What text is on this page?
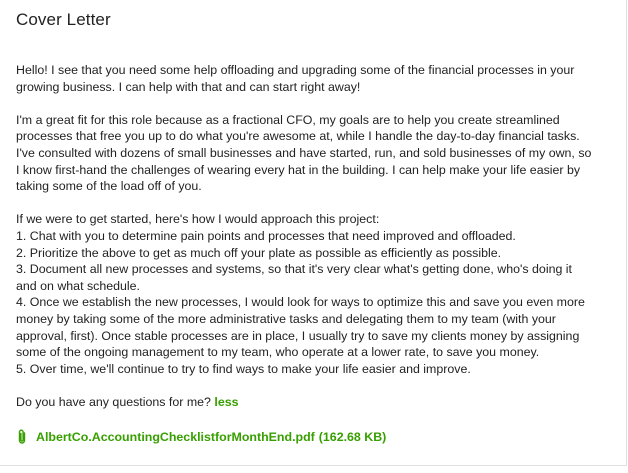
Cover Letter

Hello! I see that you need some help offloading and upgrading some of the financial processes in your
growing business. I can help with that and can start right away!

I'm a great fit for this role because as a fractional CFO, my goals are to help you create streamlined
processes that free you up to do what you're awesome at, while I handle the day-to-day financial tasks.
I've consulted with dozens of small businesses and have started, run, and sold businesses of my own, so
I know first-hand the challenges of wearing every hat in the building. I can help make your life easier by
taking some of the load off of you.

If we were to get started, here's how I would approach this project:
1. Chat with you to determine pain points and processes that need improved and offloaded.
2. Prioritize the above to get as much off your plate as possible as efficiently as possible.
3. Document all new processes and systems, so that it's very clear what's getting done, who's doing it
and on what schedule.
4. Once we establish the new processes, I would look for ways to optimize this and save you even more
money by taking some of the more administrative tasks and delegating them to my team (with your
approval, first). Once stable processes are in place, I usually try to save my clients money by assigning
some of the ongoing management to my team, who operate at a lower rate, to save you money.
5. Over time, we'll continue to try to find ways to make your life easier and improve.

Do you have any questions for me? less

AlbertCo.AccountingChecklistforMonthEnd.pdf (162.68 KB)
